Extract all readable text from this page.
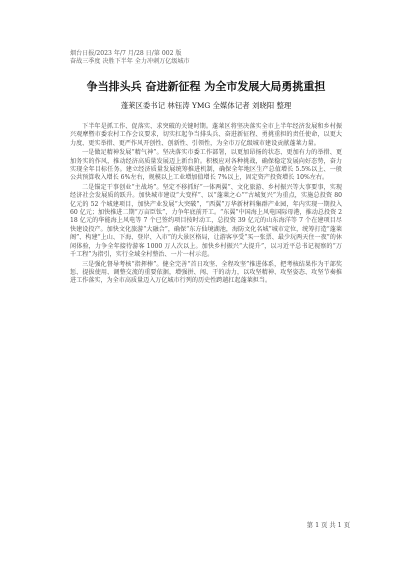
烟台日报/2023 年/7 月/28 日/第 002 版
奋战三季度 决胜下半年 全力冲刺万亿级城市
争当排头兵 奋进新征程 为全市发展大局勇挑重担
蓬莱区委书记 林钰涛 YMG 全媒体记者 刘晓阳 整理

下半年是抓工作、促落实、求突破的关键时期。蓬莱区将坚决落实全市上半年经济发展和乡村振兴观摩暨市委农村工作会议要求，切实扛起争当排头兵、奋进新征程、勇挑重担的责任使命，以更大力度、更实举措、更严作风开创性、创新性、引领性，为全市万亿级城市建设贡献蓬莱力量。

一是做足精神发展“精气神”。坚决落实市委工作部署，以更加昂扬的状态、更加有力的举措、更加务实的作风，推动经济高质量发展迈上新台阶。积极应对各种挑战，确保稳定发展向好态势，奋力实现全年目标任务。建立经济质量发展统筹推进机制，确保全年地区生产总值增长 5.5%以上、一般公共预算收入增长 6%左右，规模以上工业增加值增长 7%以上，固定资产投资增长 10%左右。

二是锚定干事创业“主战场”。坚定不移抓好“一体两翼”、文化旅游、乡村振兴等大事要事，实现经济社会发展质的跃升。加快城市建设“大变样”、以“蓬莱之心”“古城复兴”为重点，实施总投资 80 亿元的 52 个城建项目，加快产业发展“大突破”，“西翼”万华新材料集群产业园，年内实现一期投入 60 亿元；加快推进二期“万亩臣钛”，力争年底前开工。“东翼”中国海上风电国际母港，推动总投资 218 亿元的华能海上风电等 7 个已签约项目按时动工，总投资 39 亿元的山东海洋等 7 个在建项目尽快建设投产。加快文化旅游“大融合”，确保“东方仙境湖池，海防文化名城”城市定位，统筹打造“蓬莱阁”、构建“上山、下海、登岸、入市”的大景区格局，让游客享受“买一张票、最少玩两天住一夜”的休闲体验，力争全年接待游客 1000 万人次以上。加快乡村振兴“大提升”，以习近平总书记视察的“万千工程”为指引，实行全域全村整治、一片一村示范。

三是强化督导考核“指挥棒”。健全完善“首日攻坚、全程攻坚”推进体系，把考核结果作为干部奖惩、提拔使用、调整交流的重要依据，增强拼、闯、干的动力，以攻坚精神、攻坚姿态、攻坚节奏推进工作落实，为全市高质量迈入万亿城市行列的历史性跨越扛起蓬莱担当。

第 1 页 共 1 页
